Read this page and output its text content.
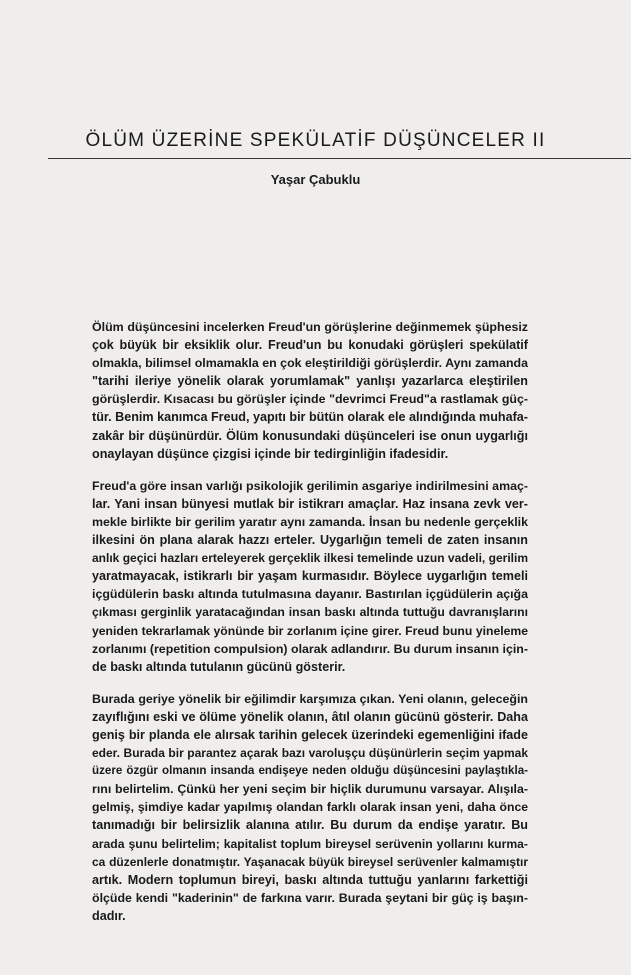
ÖLÜM ÜZERİNE SPEKÜLATİF DÜŞÜNCELER II

Yaşar Çabuklu

Ölüm düşüncesini incelerken Freud'un görüşlerine değinmemek şüphesiz
çok büyük bir eksiklik olur. Freud'un bu konudaki görüşleri spekülatif
olmakla, bilimsel olmamakla en çok eleştirildiği görüşlerdir. Aynı zamanda
"tarihi ileriye yönelik olarak yorumlamak" yanlışı yazarlarca eleştirilen
görüşlerdir. Kısacası bu görüşler içinde "devrimci Freud"a rastlamak güç-
tür. Benim kanımca Freud, yapıtı bir bütün olarak ele alındığında muhafa-
zakâr bir düşünürdür. Ölüm konusundaki düşünceleri ise onun uygarlığı
onaylayan düşünce çizgisi içinde bir tedirginliğin ifadesidir.
Freud'a göre insan varlığı psikolojik gerilimin asgariye indirilmesini amaç-
lar. Yani insan bünyesi mutlak bir istikrarı amaçlar. Haz insana zevk ver-
mekle birlikte bir gerilim yaratır aynı zamanda. İnsan bu nedenle gerçeklik
ilkesini ön plana alarak hazzı erteler. Uygarlığın temeli de zaten insanın
anlık geçici hazları erteleyerek gerçeklik ilkesi temelinde uzun vadeli, gerilim
yaratmayacak, istikrarlı bir yaşam kurmasıdır. Böylece uygarlığın temeli
içgüdülerin baskı altında tutulmasına dayanır. Bastırılan içgüdülerin açığa
çıkması gerginlik yaratacağından insan baskı altında tuttuğu davranışlarını
yeniden tekrarlamak yönünde bir zorlanım içine girer. Freud bunu yineleme
zorlanımı (repetition compulsion) olarak adlandırır. Bu durum insanın için-
de baskı altında tutulanın gücünü gösterir.
Burada geriye yönelik bir eğilimdir karşımıza çıkan. Yeni olanın, geleceğin
zayıflığını eski ve ölüme yönelik olanın, âtıl olanın gücünü gösterir. Daha
geniş bir planda ele alırsak tarihin gelecek üzerindeki egemenliğini ifade
eder. Burada bir parantez açarak bazı varoluşçu düşünürlerin seçim yapmak
üzere özgür olmanın insanda endişeye neden olduğu düşüncesini paylaştıkla-
rını belirtelim. Çünkü her yeni seçim bir hiçlik durumunu varsayar. Alışıla-
gelmiş, şimdiye kadar yapılmış olandan farklı olarak insan yeni, daha önce
tanımadığı bir belirsizlik alanına atılır. Bu durum da endişe yaratır. Bu
arada şunu belirtelim; kapitalist toplum bireysel serüvenin yollarını kurma-
ca düzenlerle donatmıştır. Yaşanacak büyük bireysel serüvenler kalmamıştır
artık. Modern toplumun bireyi, baskı altında tuttuğu yanlarını farkettiği
ölçüde kendi "kaderinin" de farkına varır. Burada şeytani bir güç iş başın-
dadır.
